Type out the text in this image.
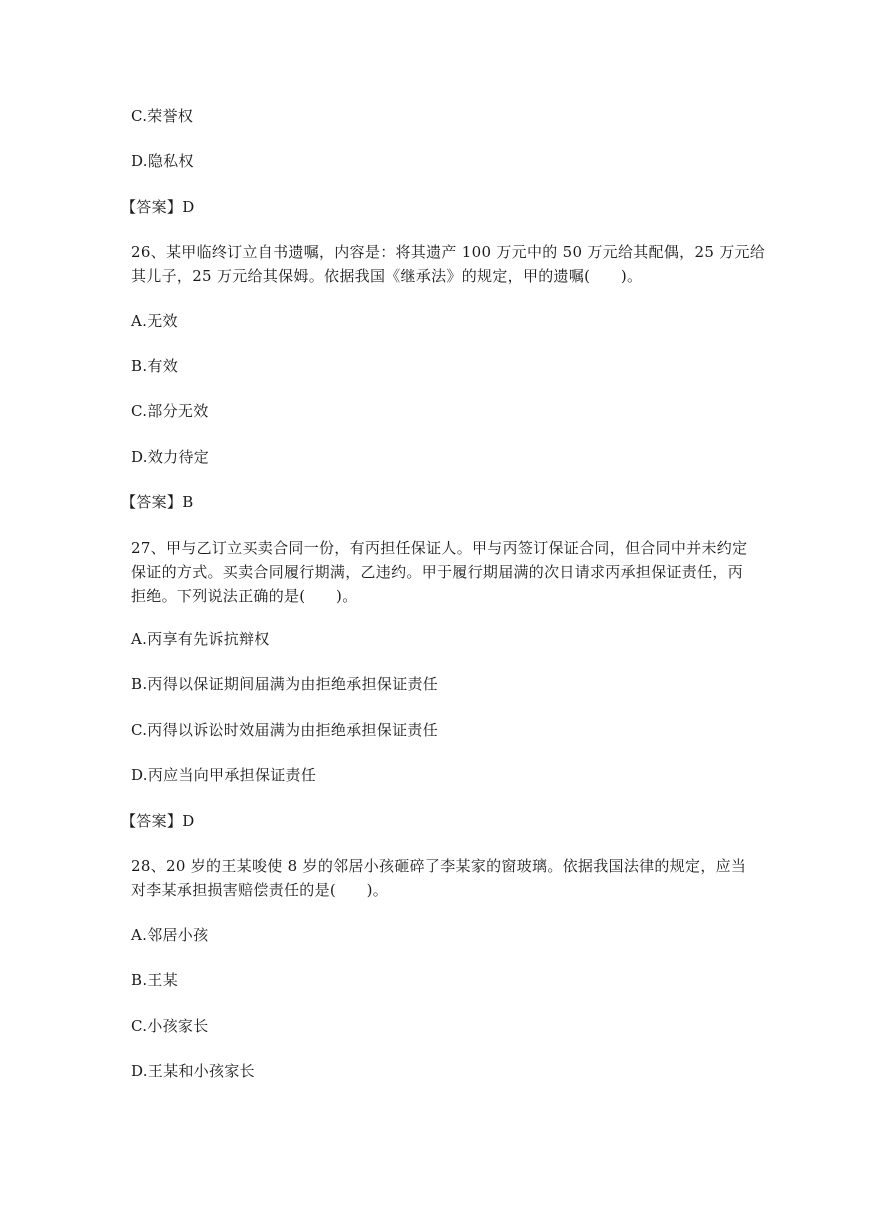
C.荣誉权
D.隐私权
【答案】D
26、某甲临终订立自书遗嘱，内容是：将其遗产 100 万元中的 50 万元给其配偶，25 万元给
其儿子，25 万元给其保姆。依据我国《继承法》的规定，甲的遗嘱(　　)。
A.无效
B.有效
C.部分无效
D.效力待定
【答案】B
27、甲与乙订立买卖合同一份，有丙担任保证人。甲与丙签订保证合同，但合同中并未约定
保证的方式。买卖合同履行期满，乙违约。甲于履行期届满的次日请求丙承担保证责任，丙
拒绝。下列说法正确的是(　　)。
A.丙享有先诉抗辩权
B.丙得以保证期间届满为由拒绝承担保证责任
C.丙得以诉讼时效届满为由拒绝承担保证责任
D.丙应当向甲承担保证责任
【答案】D
28、20 岁的王某唆使 8 岁的邻居小孩砸碎了李某家的窗玻璃。依据我国法律的规定，应当
对李某承担损害赔偿责任的是(　　)。
A.邻居小孩
B.王某
C.小孩家长
D.王某和小孩家长
